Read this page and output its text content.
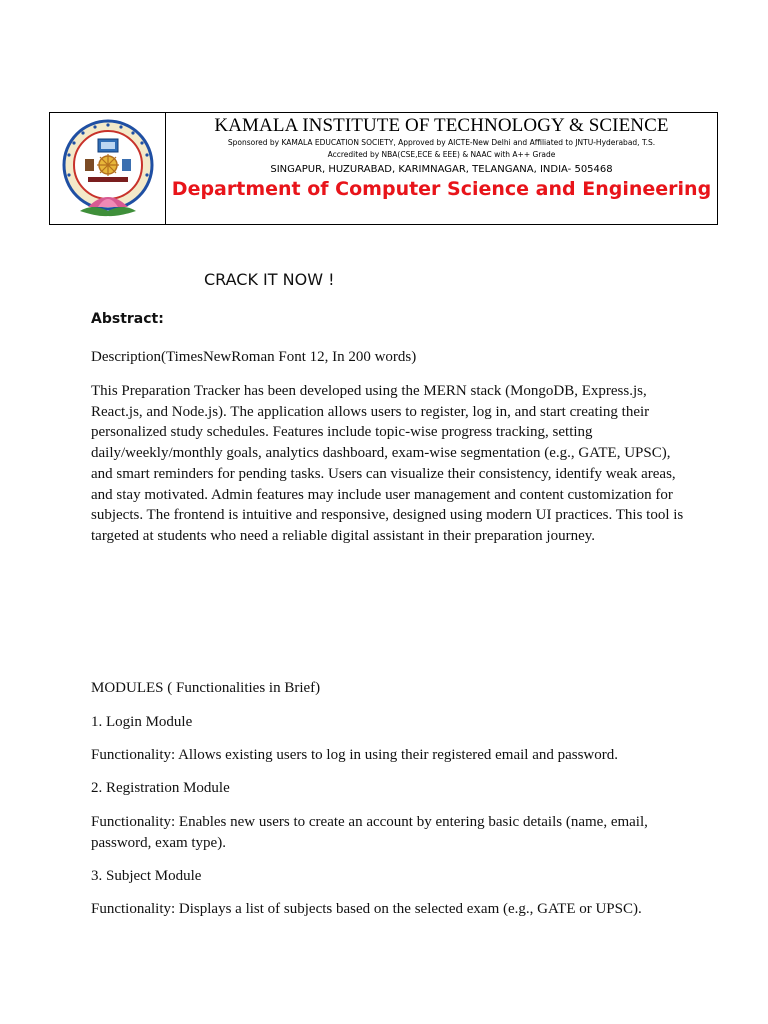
KAMALA INSTITUTE OF TECHNOLOGY & SCIENCE
Sponsored by KAMALA EDUCATION SOCIETY, Approved by AICTE-New Delhi and Affiliated to JNTU-Hyderabad, T.S.
Accredited by NBA(CSE,ECE & EEE) & NAAC with A++ Grade
SINGAPUR, HUZURABAD, KARIMNAGAR, TELANGANA, INDIA- 505468
Department of Computer Science and Engineering
CRACK IT NOW !
Abstract:

Description(TimesNewRoman Font 12, In 200 words)

This Preparation Tracker has been developed using the MERN stack (MongoDB, Express.js, React.js, and Node.js). The application allows users to register, log in, and start creating their personalized study schedules. Features include topic-wise progress tracking, setting daily/weekly/monthly goals, analytics dashboard, exam-wise segmentation (e.g., GATE, UPSC), and smart reminders for pending tasks. Users can visualize their consistency, identify weak areas, and stay motivated. Admin features may include user management and content customization for subjects. The frontend is intuitive and responsive, designed using modern UI practices. This tool is targeted at students who need a reliable digital assistant in their preparation journey.

MODULES ( Functionalities in Brief)

1. Login Module

Functionality: Allows existing users to log in using their registered email and password.

2. Registration Module

Functionality: Enables new users to create an account by entering basic details (name, email, password, exam type).

3. Subject Module

Functionality: Displays a list of subjects based on the selected exam (e.g., GATE or UPSC).
